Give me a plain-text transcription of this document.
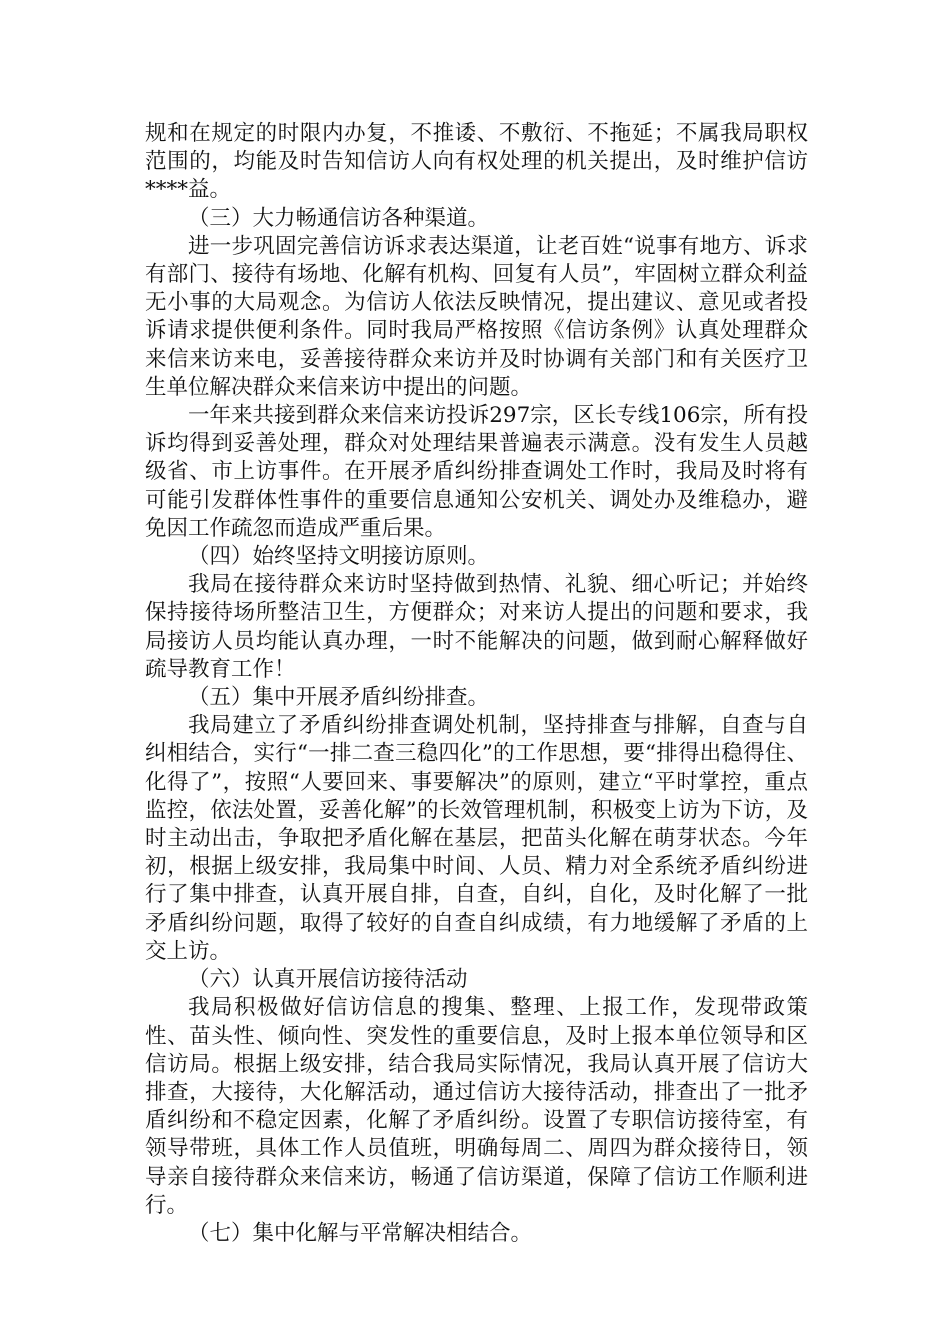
规和在规定的时限内办复，不推诿、不敷衍、不拖延；不属我局职权范围的，均能及时告知信访人向有权处理的机关提出，及时维护信访****益。

（三）大力畅通信访各种渠道。

进一步巩固完善信访诉求表达渠道，让老百姓“说事有地方、诉求有部门、接待有场地、化解有机构、回复有人员”，牢固树立群众利益无小事的大局观念。为信访人依法反映情况，提出建议、意见或者投诉请求提供便利条件。同时我局严格按照《信访条例》认真处理群众来信来访来电，妥善接待群众来访并及时协调有关部门和有关医疗卫生单位解决群众来信来访中提出的问题。

一年来共接到群众来信来访投诉297宗，区长专线106宗，所有投诉均得到妥善处理，群众对处理结果普遍表示满意。没有发生人员越级省、市上访事件。在开展矛盾纠纷排查调处工作时，我局及时将有可能引发群体性事件的重要信息通知公安机关、调处办及维稳办，避免因工作疏忽而造成严重后果。

（四）始终坚持文明接访原则。

我局在接待群众来访时坚持做到热情、礼貌、细心听记；并始终保持接待场所整洁卫生，方便群众；对来访人提出的问题和要求，我局接访人员均能认真办理，一时不能解决的问题，做到耐心解释做好疏导教育工作！

（五）集中开展矛盾纠纷排查。

我局建立了矛盾纠纷排查调处机制，坚持排查与排解，自查与自纠相结合，实行“一排二查三稳四化”的工作思想，要“排得出稳得住、化得了”，按照“人要回来、事要解决”的原则，建立“平时掌控，重点监控，依法处置，妥善化解”的长效管理机制，积极变上访为下访，及时主动出击，争取把矛盾化解在基层，把苗头化解在萌芽状态。今年初，根据上级安排，我局集中时间、人员、精力对全系统矛盾纠纷进行了集中排查，认真开展自排，自查，自纠，自化，及时化解了一批矛盾纠纷问题，取得了较好的自查自纠成绩，有力地缓解了矛盾的上交上访。

（六）认真开展信访接待活动

我局积极做好信访信息的搜集、整理、上报工作，发现带政策性、苗头性、倾向性、突发性的重要信息，及时上报本单位领导和区信访局。根据上级安排，结合我局实际情况，我局认真开展了信访大排查，大接待，大化解活动，通过信访大接待活动，排查出了一批矛盾纠纷和不稳定因素，化解了矛盾纠纷。设置了专职信访接待室，有领导带班，具体工作人员值班，明确每周二、周四为群众接待日，领导亲自接待群众来信来访，畅通了信访渠道，保障了信访工作顺利进行。

（七）集中化解与平常解决相结合。
